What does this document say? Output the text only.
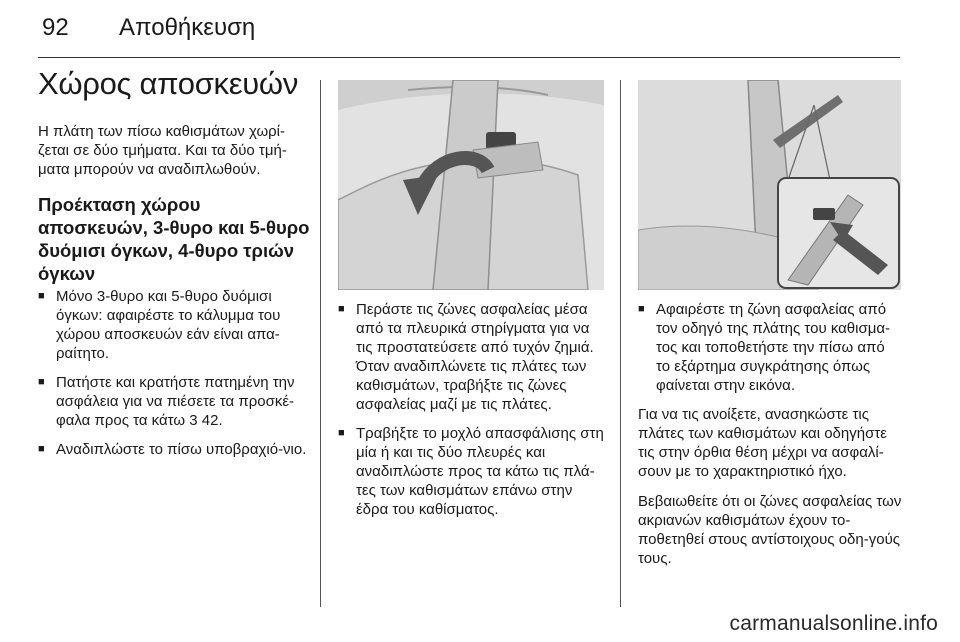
92 Αποθήκευση
Χώρος αποσκευών

Η πλάτη των πίσω καθισμάτων χωρί-
ζεται σε δύο τμήματα. Και τα δύο τμή-
ματα μπορούν να αναδιπλωθούν.

Προέκταση χώρου αποσκευών, 3-θυρο και 5-θυρο δυόμισι όγκων, 4-θυρο τριών όγκων
■ Μόνο 3-θυρο και 5-θυρο δυόμισι όγκων: αφαιρέστε το κάλυμμα του χώρου αποσκευών εάν είναι απα-ραίτητο.
■ Πατήστε και κρατήστε πατημένη την ασφάλεια για να πιέσετε τα προσκέ-φαλα προς τα κάτω 3 42.
■ Αναδιπλώστε το πίσω υποβραχιό-νιο.
■ Περάστε τις ζώνες ασφαλείας μέσα από τα πλευρικά στηρίγματα για να τις προστατεύσετε από τυχόν ζημιά. Όταν αναδιπλώνετε τις πλάτες των καθισμάτων, τραβήξτε τις ζώνες ασφαλείας μαζί με τις πλάτες.
■ Τραβήξτε το μοχλό απασφάλισης στη μία ή και τις δύο πλευρές και αναδιπλώστε προς τα κάτω τις πλά-τες των καθισμάτων επάνω στην έδρα του καθίσματος.
■ Αφαιρέστε τη ζώνη ασφαλείας από τον οδηγό της πλάτης του καθισμα-τος και τοποθετήστε την πίσω από το εξάρτημα συγκράτησης όπως φαίνεται στην εικόνα.

Για να τις ανοίξετε, ανασηκώστε τις πλάτες των καθισμάτων και οδηγήστε τις στην όρθια θέση μέχρι να ασφαλί-σουν με το χαρακτηριστικό ήχο.

Βεβαιωθείτε ότι οι ζώνες ασφαλείας των ακριανών καθισμάτων έχουν το-ποθετηθεί στους αντίστοιχους οδη-γούς τους.

carmanualsonline.info
